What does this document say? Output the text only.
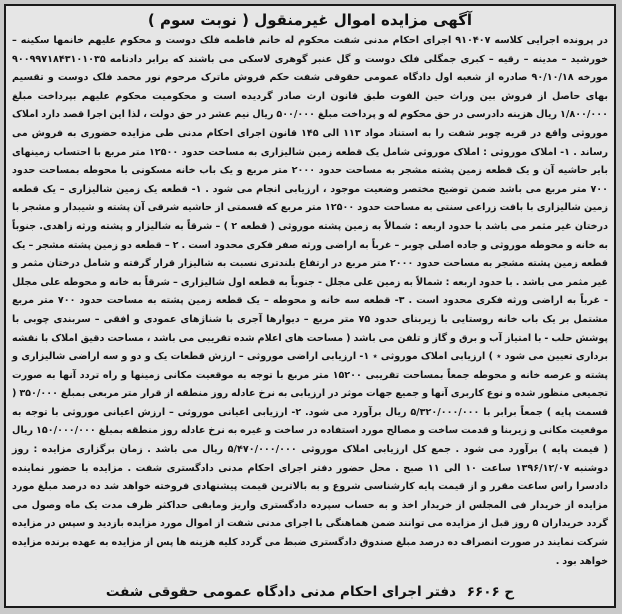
آگهی مزایده اموال غیرمنقول ( نوبت سوم )
در پرونده اجرایی کلاسه ۹۱۰۴۰۷ اجرای احکام مدنی شفت محکوم له خانم فاطمه فلک دوست و محکوم علیهم خانمها سکینه – خورشید – مدینه – رقیه – کبری جمگلی فلک دوست و گل عنبر گوهری لاسکی می باشند که برابر دادنامه ۹۰۰۹۹۷۱۸۴۳۱۰۱۰۳۵ مورخه ۹۰/۱۰/۱۸ صادره از شعبه اول دادگاه عمومی حقوقی شفت حکم فروش ماترک مرحوم نور محمد فلک دوست و تقسیم بهای حاصل از فروش بین وراث حین الفوت طبق قانون ارث صادر گردیده است و محکومیت محکوم علیهم بپرداخت مبلغ ۱/۸۰۰/۰۰۰ ریال هزینه دادرسی در حق محکوم له و پرداخت مبلغ ۵۰۰/۰۰۰ ریال نیم عشر در حق دولت ، لذا این اجرا قصد دارد املاک موروثی واقع در قریه چوبر شفت را به استناد مواد ۱۱۳ الی ۱۴۵ قانون اجرای احکام مدنی طی مزایده حضوری به فروش می رساند . ۱- املاک موروثی : املاک موروثی شامل یک قطعه زمین شالیزاری به مساحت حدود ۱۲۵۰۰ متر مربع با احتساب زمینهای بایر حاشیه آن و یک قطعه زمین پشته مشجر به مساحت حدود ۲۰۰۰ متر مربع و یک باب خانه مسکونی با محوطه بمساحت حدود ۷۰۰ متر مربع می باشد ضمن توضیح مختصر وضعیت موجود ، ارزیابی انجام می شود . ۱- قطعه یک زمین شالیزاری – یک قطعه زمین شالیزاری با بافت زراعی سنتی به مساحت حدود ۱۲۵۰۰ متر مربع که قسمتی از حاشیه شرقی آن پشته و شیبدار و مشجر با درختان غیر مثمر می باشد با حدود اربعه : شمالاً به زمین پشته موروثی ( قطعه ۲ ) – شرقاً به شالیزار و پشته ورثه زاهدی. جنوباً به خانه و محوطه موروثی و جاده اصلی چوبر – غرباً به اراضی ورثه صفر فکری محدود است . ۲ – قطعه دو زمین پشته مشجر – یک قطعه زمین پشته مشجر به مساحت حدود ۲۰۰۰ متر مربع در ارتفاع بلندتری نسبت به شالیزار قرار گرفته و شامل درختان مثمر و غیر مثمر می باشد . با حدود اربعه : شمالاً به زمین علی مجلل - جنوباً به قطعه اول شالیزاری – شرقاً به خانه و محوطه علی مجلل - غرباً به اراضی ورثه فکری محدود است . ۳- قطعه سه خانه و محوطه – یک قطعه زمین پشته به مساحت حدود ۷۰۰ متر مربع مشتمل بر یک باب خانه روستایی با زیربنای حدود ۷۵ متر مربع – دیوارها آجری با شناژهای عمودی و افقی – سربندی چوبی با پوشش حلب - با امتیاز آب و برق و گاز و تلفن می باشد ( مساحت های اعلام شده تقریبی می باشد ، مساحت دقیق املاک با نقشه برداری تعیین می شود ٭ ) ارزیابی املاک موروثی ٭ ۱- ارزیابی اراضی موروثی – ارزش قطعات یک و دو و سه اراضی شالیزاری و پشته و عرصه خانه و محوطه جمعاً بمساحت تقریبی ۱۵۲۰۰ متر مربع با توجه به موقعیت مکانی زمینها و راه تردد آنها به صورت تجمیعی منظور شده و نوع کاربری آنها و جمیع جهات موثر در ارزیابی به نرخ عادله روز منطقه از قرار متر مربعی بمبلغ ۳۵۰/۰۰۰ ( قسمت پایه ) جمعاً برابر با ۵/۳۲۰/۰۰۰/۰۰۰ ریال برآورد می شود. ۲- ارزیابی اعیانی موروثی – ارزش اعیانی موروثی با توجه به موقعیت مکانی و زیربنا و قدمت ساخت و مصالح مورد استفاده در ساخت و غیره به نرخ عادله روز منطقه بمبلغ ۱۵۰/۰۰۰/۰۰۰ ریال ( قیمت پایه ) برآورد می شود . جمع کل ارزیابی املاک موروثی ۵/۴۷۰/۰۰۰/۰۰۰ ریال می باشد . زمان برگزاری مزایده : روز دوشنبه ۱۳۹۶/۱۲/۰۷ ساعت ۱۰ الی ۱۱ صبح . محل حضور دفتر اجرای احکام مدنی دادگستری شفت . مزایده با حضور نماینده دادسرا راس ساعت مقرر و از قیمت پایه کارشناسی شروع و به بالاترین قیمت پیشنهادی فروخته خواهد شد ده درصد مبلغ مورد مزایده از خریدار فی المجلس از خریدار اخذ و به حساب سپرده دادگستری واریز ومابقی حداکثر ظرف مدت یک ماه وصول می گردد خریداران ۵ روز قبل از مزایده می توانند ضمن هماهنگی با اجرای مدنی شفت از اموال مورد مزایده بازدید و سپس در مزایده شرکت نمایند در صورت انصراف ده درصد مبلغ صندوق دادگستری ضبط می گردد کلیه هزینه ها پس از مزایده به عهده برنده مزایده خواهد بود .
ح ۶۶۰۶ دفتر اجرای احکام مدنی دادگاه عمومی حقوقی شفت
